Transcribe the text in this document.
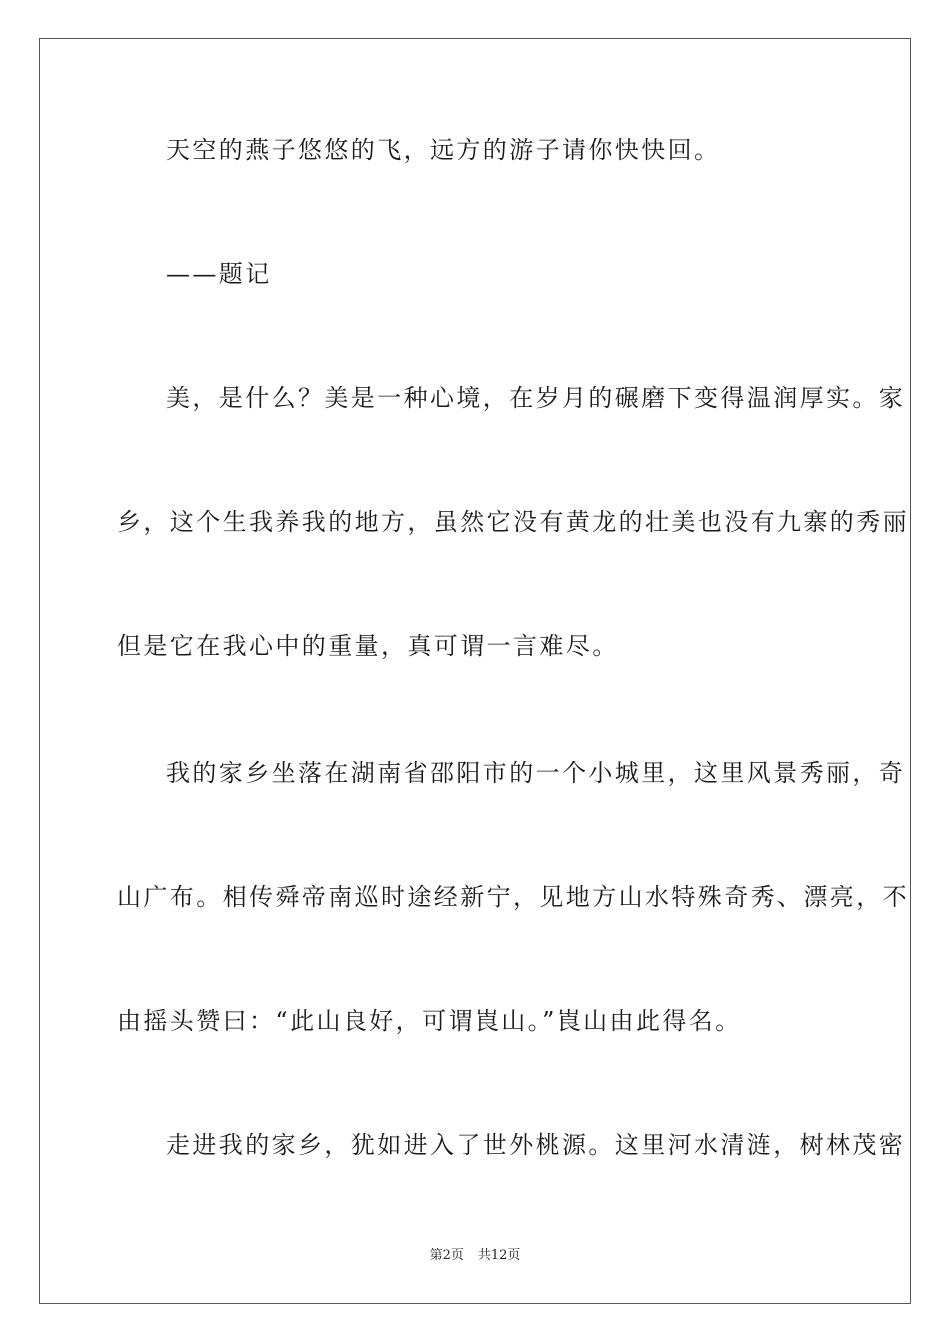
天空的燕子悠悠的飞，远方的游子请你快快回。
——题记
美，是什么？美是一种心境，在岁月的碾磨下变得温润厚实。家
乡，这个生我养我的地方，虽然它没有黄龙的壮美也没有九寨的秀丽
但是它在我心中的重量，真可谓一言难尽。
我的家乡坐落在湖南省邵阳市的一个小城里，这里风景秀丽，奇
山广布。相传舜帝南巡时途经新宁，见地方山水特殊奇秀、漂亮，不
由摇头赞曰：“此山良好，可谓崀山。”崀山由此得名。
走进我的家乡，犹如进入了世外桃源。这里河水清涟，树林茂密
第2页 共12页
